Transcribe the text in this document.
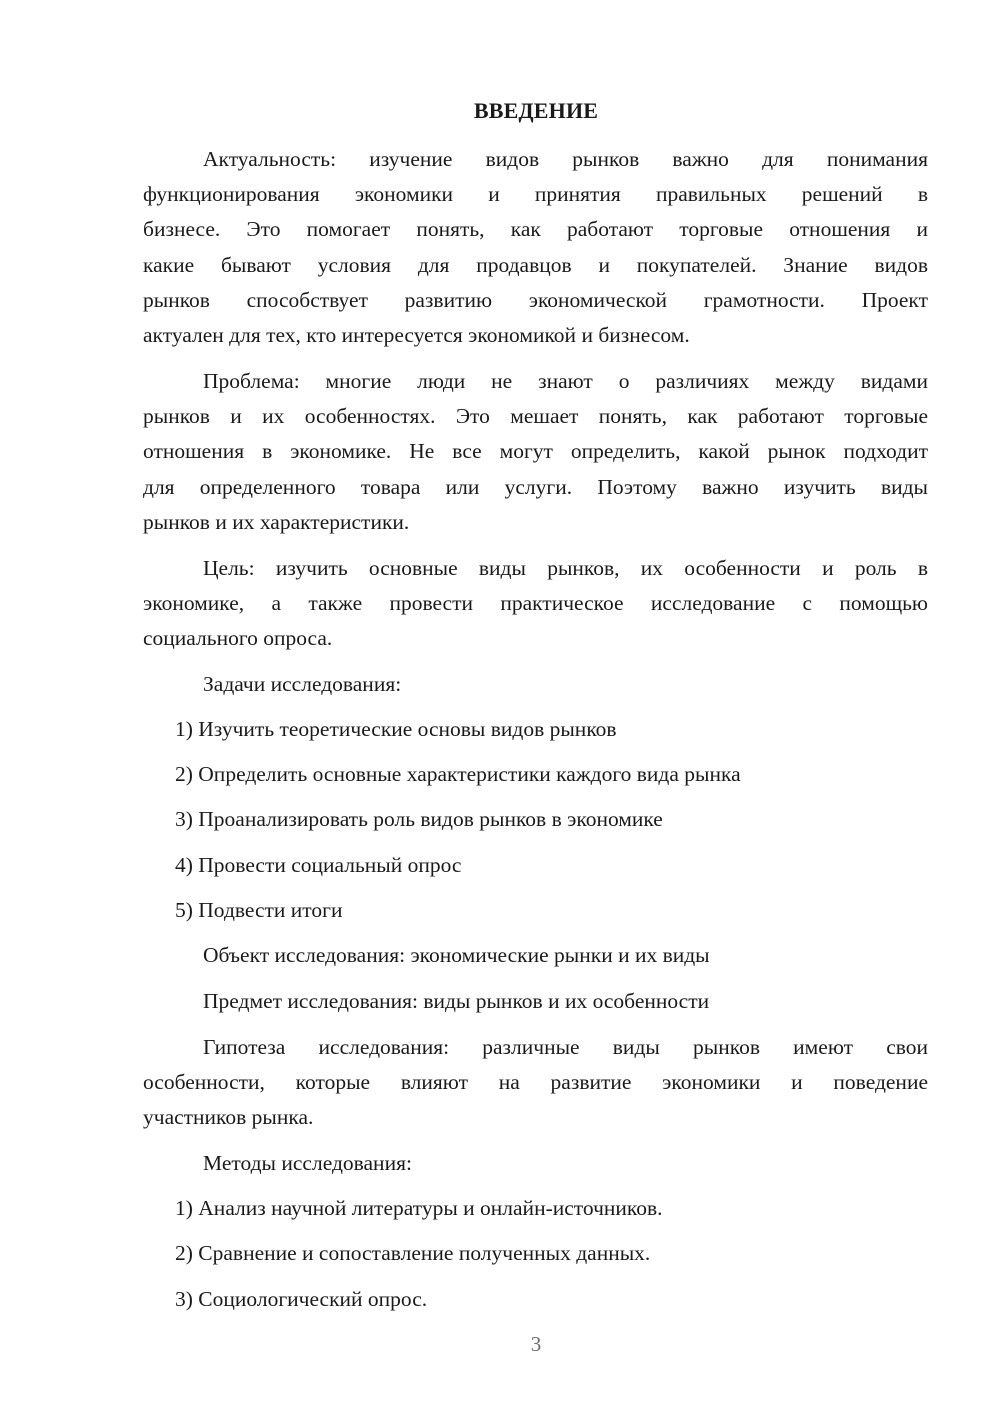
ВВЕДЕНИЕ
Актуальность: изучение видов рынков важно для понимания
функционирования экономики и принятия правильных решений в
бизнесе. Это помогает понять, как работают торговые отношения и
какие бывают условия для продавцов и покупателей. Знание видов
рынков способствует развитию экономической грамотности. Проект
актуален для тех, кто интересуется экономикой и бизнесом.
Проблема: многие люди не знают о различиях между видами
рынков и их особенностях. Это мешает понять, как работают торговые
отношения в экономике. Не все могут определить, какой рынок подходит
для определенного товара или услуги. Поэтому важно изучить виды
рынков и их характеристики.
Цель: изучить основные виды рынков, их особенности и роль в
экономике, а также провести практическое исследование с помощью
социального опроса.
Задачи исследования:
1) Изучить теоретические основы видов рынков
2) Определить основные характеристики каждого вида рынка
3) Проанализировать роль видов рынков в экономике
4) Провести социальный опрос
5) Подвести итоги
Объект исследования: экономические рынки и их виды
Предмет исследования: виды рынков и их особенности
Гипотеза исследования: различные виды рынков имеют свои
особенности, которые влияют на развитие экономики и поведение
участников рынка.
Методы исследования:
1) Анализ научной литературы и онлайн-источников.
2) Сравнение и сопоставление полученных данных.
3) Социологический опрос.
3
